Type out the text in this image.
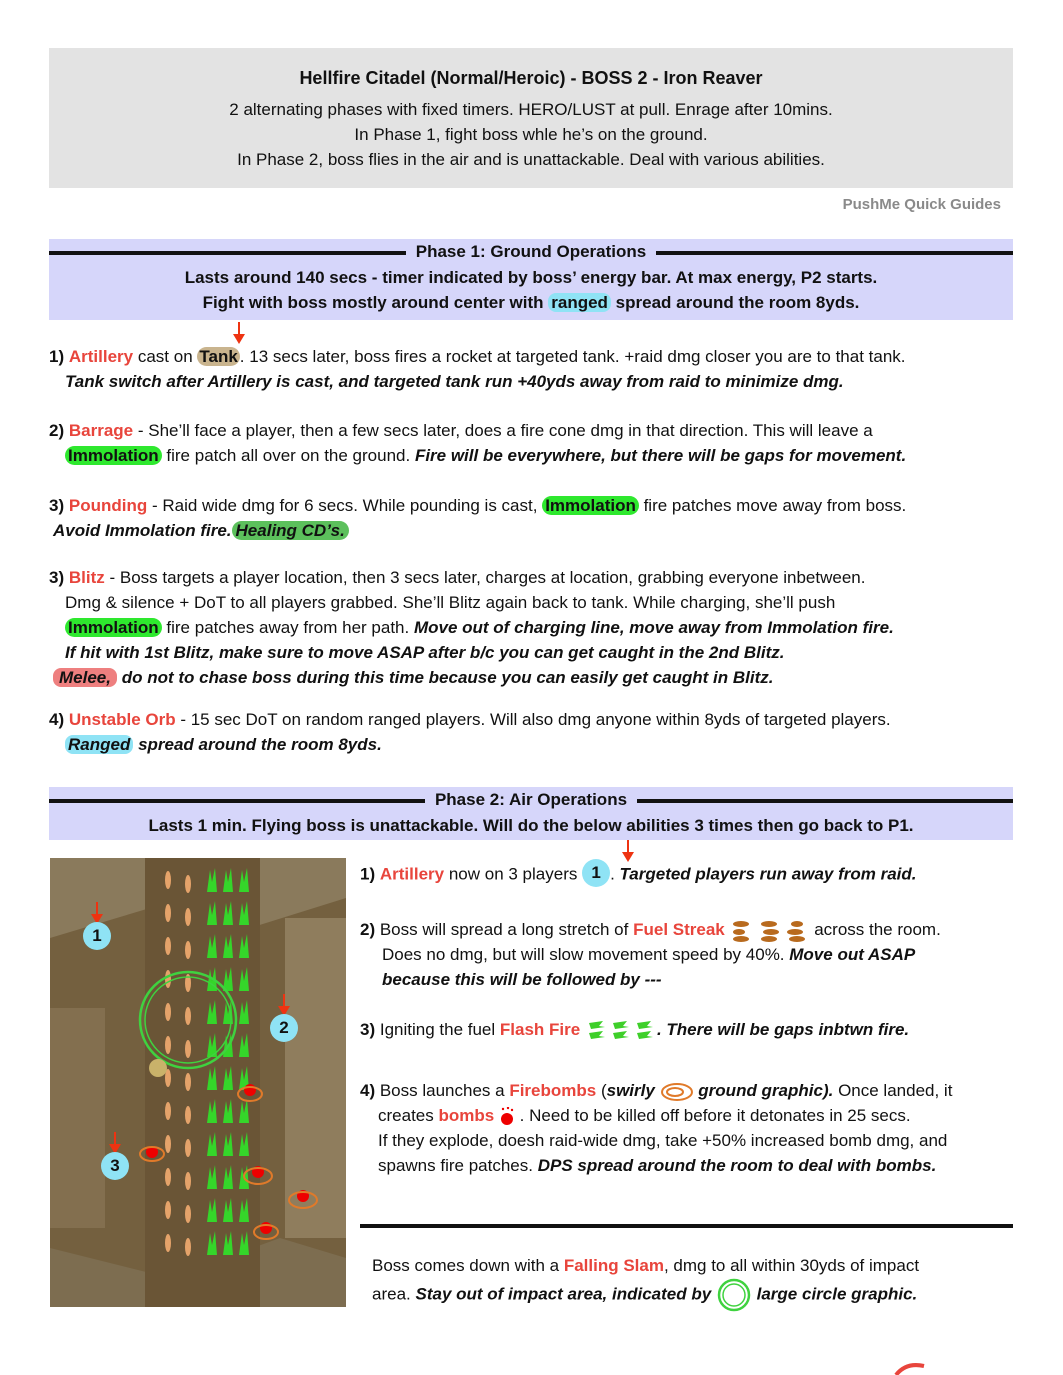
Hellfire Citadel (Normal/Heroic) - BOSS 2 - Iron Reaver
2 alternating phases with fixed timers. HERO/LUST at pull. Enrage after 10mins.
In Phase 1, fight boss whle he’s on the ground.
In Phase 2, boss flies in the air and is unattackable. Deal with various abilities.
PushMe Quick Guides
Phase 1: Ground Operations
Lasts around 140 secs - timer indicated by boss’ energy bar. At max energy, P2 starts.
Fight with boss mostly around center with ranged spread around the room 8yds.
1) Artillery cast on Tank . 13 secs later, boss fires a rocket at targeted tank. +raid dmg closer you are to that tank.
Tank switch after Artillery is cast, and targeted tank run +40yds away from raid to minimize dmg.
2) Barrage - She’ll face a player, then a few secs later, does a fire cone dmg in that direction. This will leave a
Immolation fire patch all over on the ground. Fire will be everywhere, but there will be gaps for movement.
3) Pounding - Raid wide dmg for 6 secs. While pounding is cast, Immolation fire patches move away from boss.
Avoid Immolation fire. Healing CD’s.
3) Blitz - Boss targets a player location, then 3 secs later, charges at location, grabbing everyone inbetween.
Dmg & silence + DoT to all players grabbed. She’ll Blitz again back to tank. While charging, she’ll push
Immolation fire patches away from her path. Move out of charging line, move away from Immolation fire.
If hit with 1st Blitz, make sure to move ASAP after b/c you can get caught in the 2nd Blitz.
Melee, do not to chase boss during this time because you can easily get caught in Blitz.
4) Unstable Orb - 15 sec DoT on random ranged players. Will also dmg anyone within 8yds of targeted players.
Ranged spread around the room 8yds.
Phase 2: Air Operations
Lasts 1 min. Flying boss is unattackable. Will do the below abilities 3 times then go back to P1.
1
2
3
1) Artillery now on 3 players 1 . Targeted players run away from raid.
2) Boss will spread a long stretch of Fuel Streak	across the room.
Does no dmg, but will slow movement speed by 40%. Move out ASAP
because this will be followed by ---
3) Igniting the fuel Flash Fire	. There will be gaps inbtwn fire.
4) Boss launches a Firebombs (swirly	ground graphic). Once landed, it
creates bombs  . Need to be killed off before it detonates in 25 secs.
If they explode, doesh raid-wide dmg, take +50% increased bomb dmg, and
spawns fire patches. DPS spread around the room to deal with bombs.
Boss comes down with a Falling Slam, dmg to all within 30yds of impact
area. Stay out of impact area, indicated by  large circle graphic.
